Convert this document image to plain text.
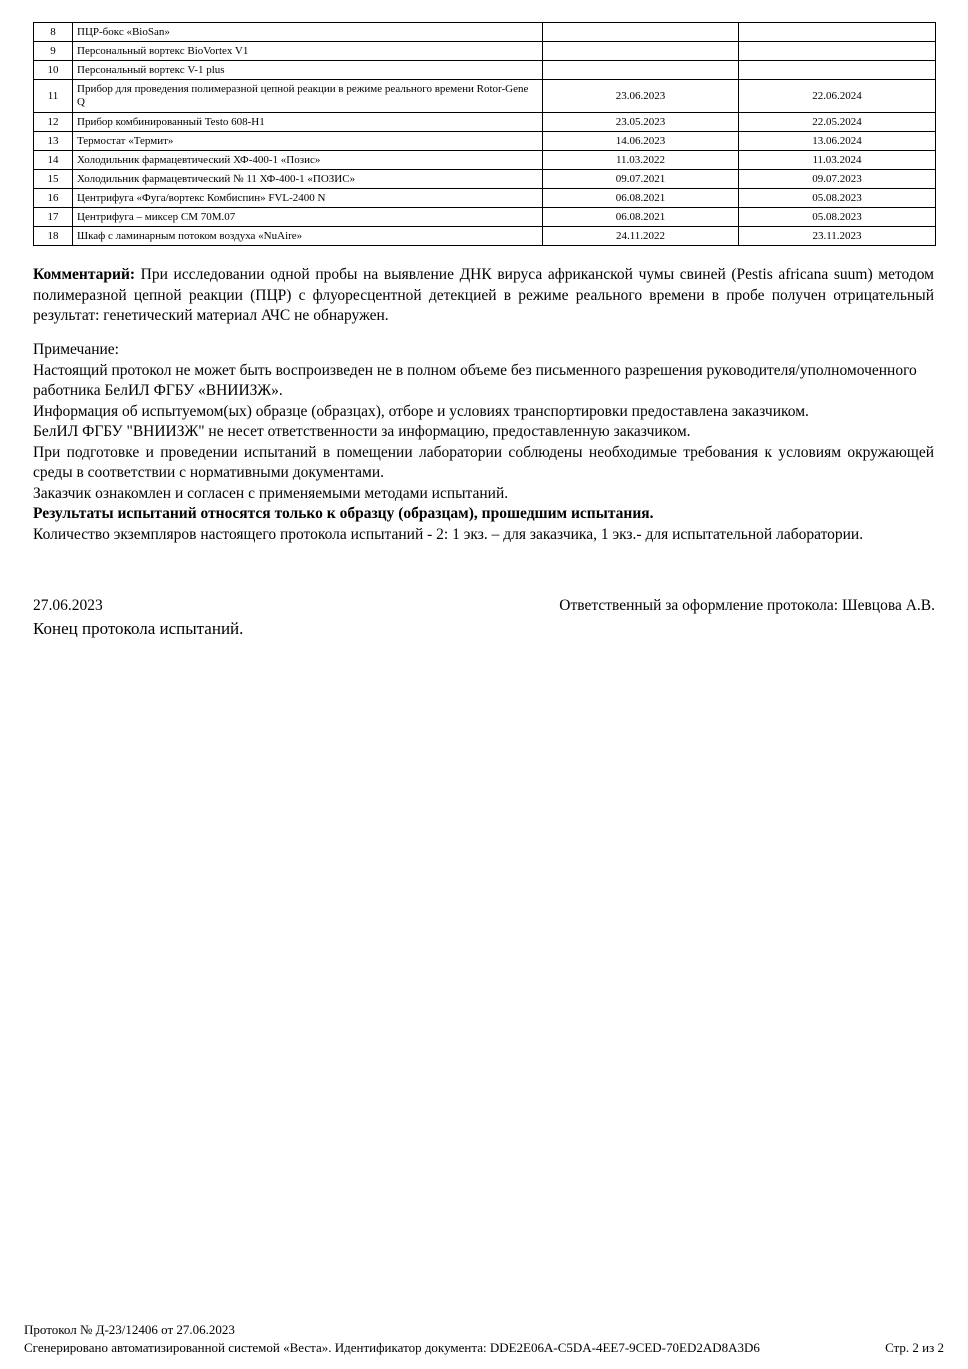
8	ПЦР-бокс «BioSan»		
9	Персональный вортекс BioVortex V1		
10	Персональный вортекс V-1 plus		
11	Прибор для проведения полимеразной цепной реакции в режиме реального времени Rotor-Gene Q	23.06.2023	22.06.2024
12	Прибор комбинированный Testo 608-H1	23.05.2023	22.05.2024
13	Термостат «Термит»	14.06.2023	13.06.2024
14	Холодильник фармацевтический ХФ-400-1 «Позис»	11.03.2022	11.03.2024
15	Холодильник фармацевтический № 11 ХФ-400-1 «ПОЗИС»	09.07.2021	09.07.2023
16	Центрифуга «Фуга/вортекс Комбиспин» FVL-2400 N	06.08.2021	05.08.2023
17	Центрифуга – миксер СМ 70М.07	06.08.2021	05.08.2023
18	Шкаф с ламинарным потоком воздуха «NuAire»	24.11.2022	23.11.2023
Комментарий: При исследовании одной пробы на выявление ДНК вируса африканской чумы свиней (Pestis africana suum) методом полимеразной цепной реакции (ПЦР) с флуоресцентной детекцией в режиме реального времени в пробе получен отрицательный результат: генетический материал АЧС не обнаружен.

Примечание:

Настоящий протокол не может быть воспроизведен не в полном объеме без письменного разрешения руководителя/уполномоченного работника БелИЛ ФГБУ «ВНИИЗЖ».

Информация об испытуемом(ых) образце (образцах), отборе и условиях транспортировки предоставлена заказчиком.

БелИЛ ФГБУ "ВНИИЗЖ" не несет ответственности за информацию, предоставленную заказчиком.

При подготовке и проведении испытаний в помещении лаборатории соблюдены необходимые требования к условиям окружающей среды в соответствии с нормативными документами.

Заказчик ознакомлен и согласен с применяемыми методами испытаний.

Результаты испытаний относятся только к образцу (образцам), прошедшим испытания.

Количество экземпляров настоящего протокола испытаний - 2: 1 экз. – для заказчика, 1 экз.- для испытательной лаборатории.

27.06.2023	Ответственный за оформление протокола: Шевцова А.В.
Конец протокола испытаний.
Протокол № Д-23/12406 от 27.06.2023
Сгенерировано автоматизированной системой «Веста». Идентификатор документа: DDE2E06A-C5DA-4EE7-9CED-70ED2AD8A3D6	Стр. 2 из 2
